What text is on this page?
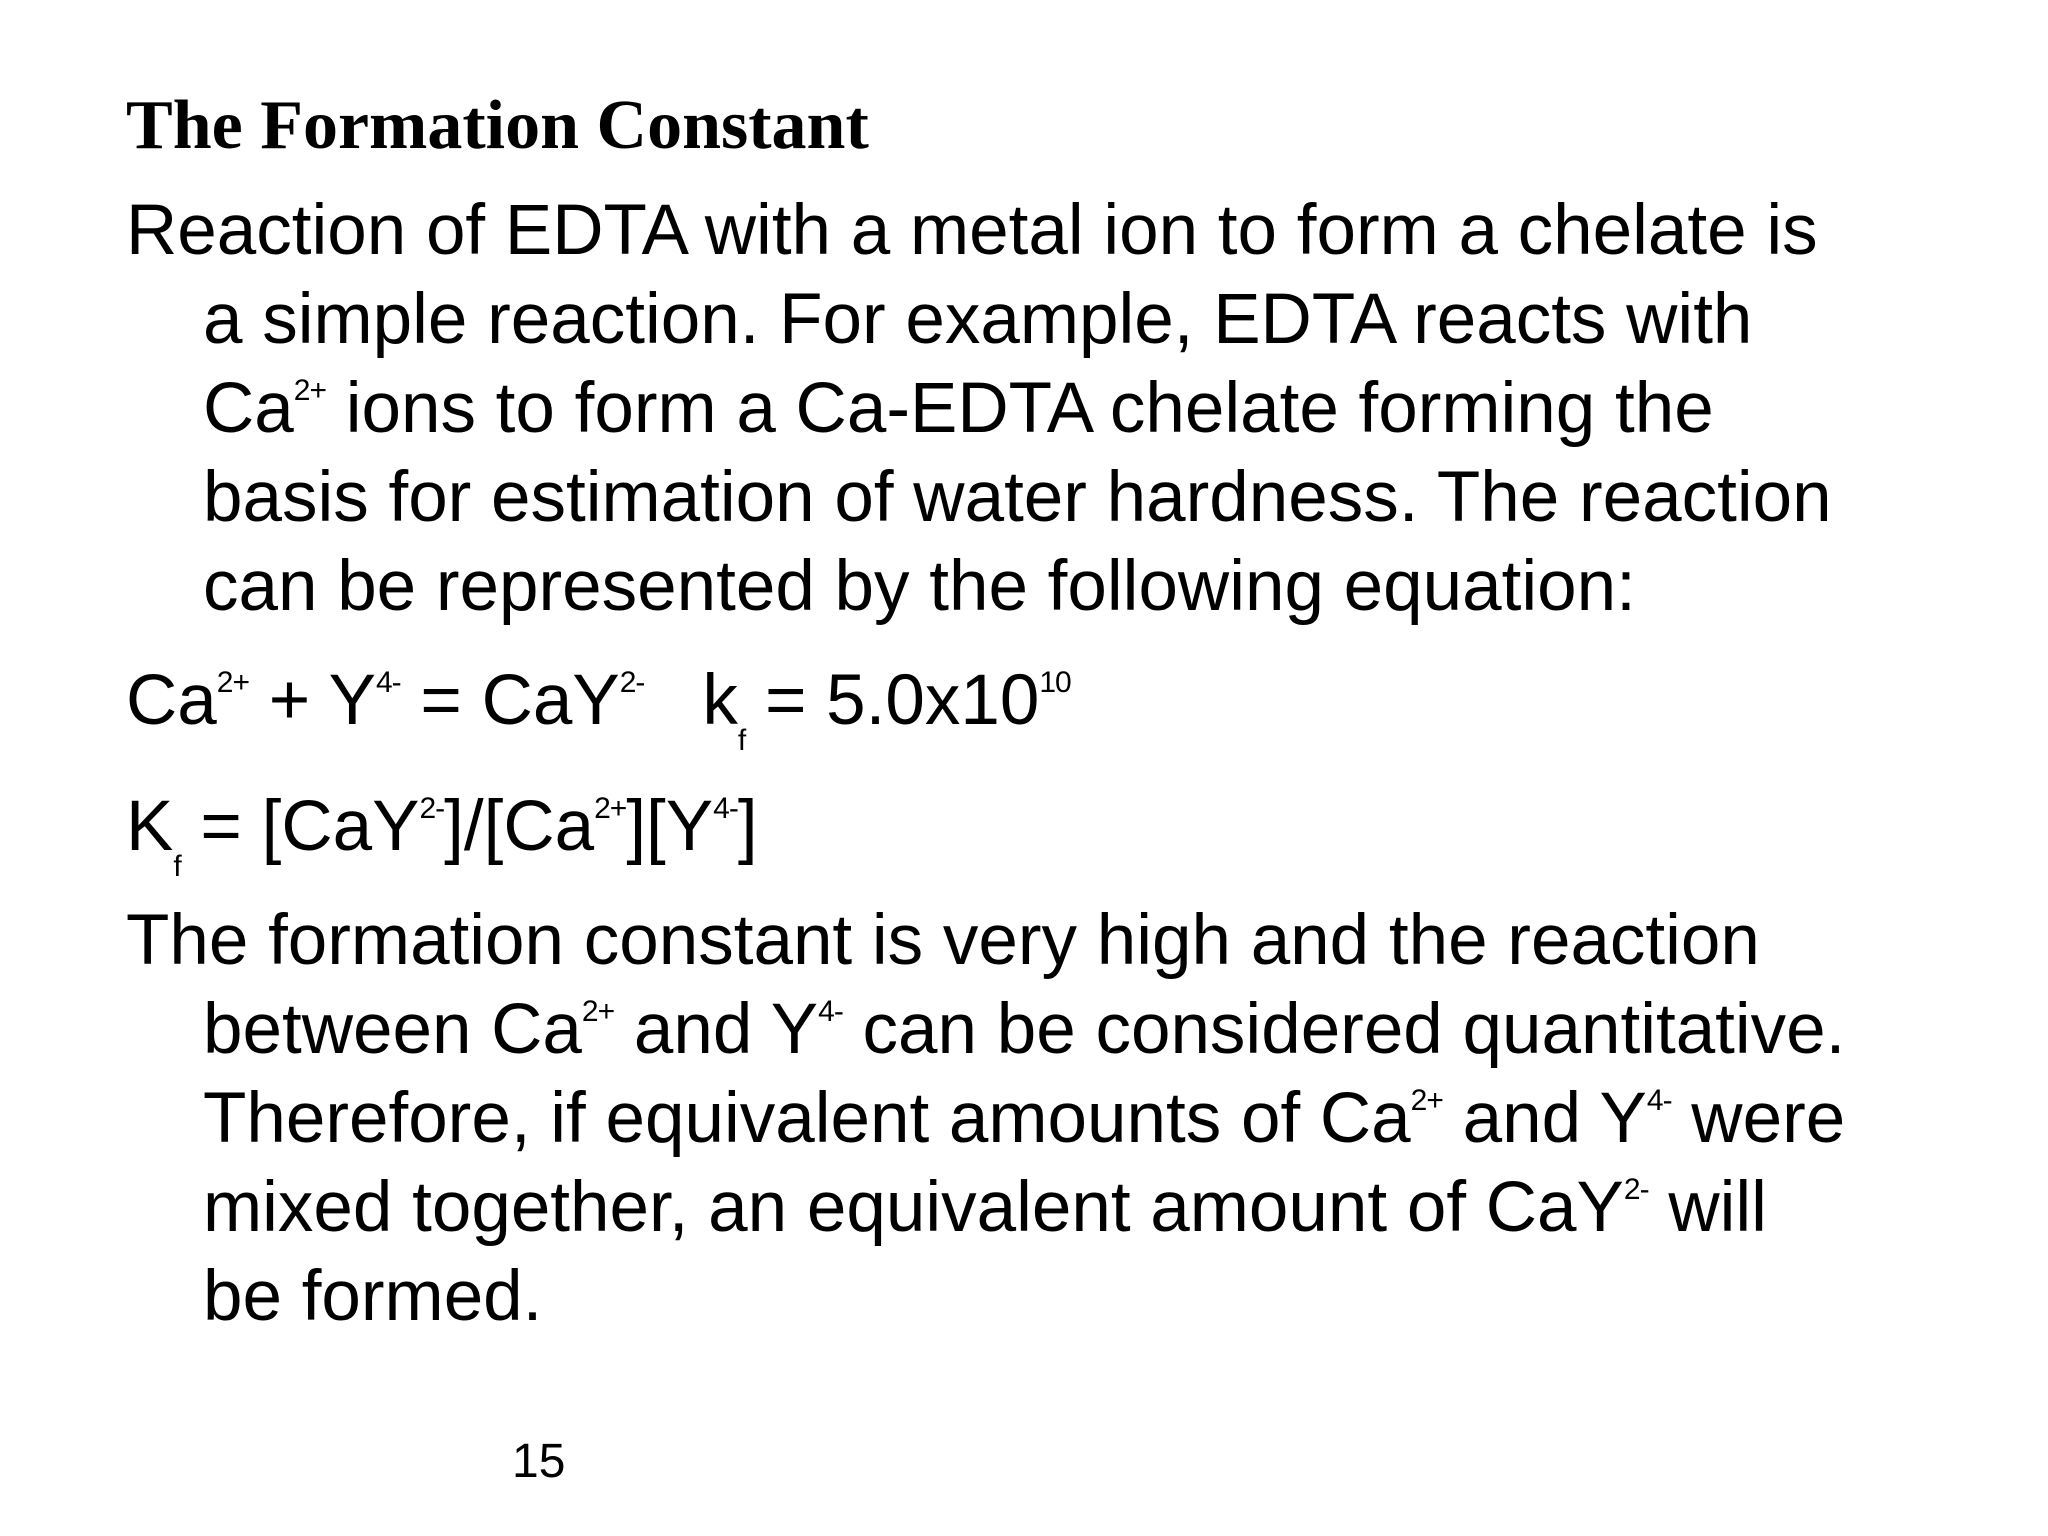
The Formation Constant
Reaction of EDTA with a metal ion to form a chelate is
a simple reaction. For example, EDTA reacts with
$Ca^{2+}$ ions to form a Ca-EDTA chelate forming the
basis for estimation of water hardness. The reaction
can be represented by the following equation:
$Ca^{2+} + Y^{4-} = CaY^{2-}$ $k_f = 5.0x10^{10}$
$K_f = [CaY^{2-}]/[Ca^{2+}][Y^{4-}]$
The formation constant is very high and the reaction
between $Ca^{2+}$ and $Y^{4-}$ can be considered quantitative.
Therefore, if equivalent amounts of $Ca^{2+}$ and $Y^{4-}$ were
mixed together, an equivalent amount of CaY$^{2-}$ will
be formed.
15
